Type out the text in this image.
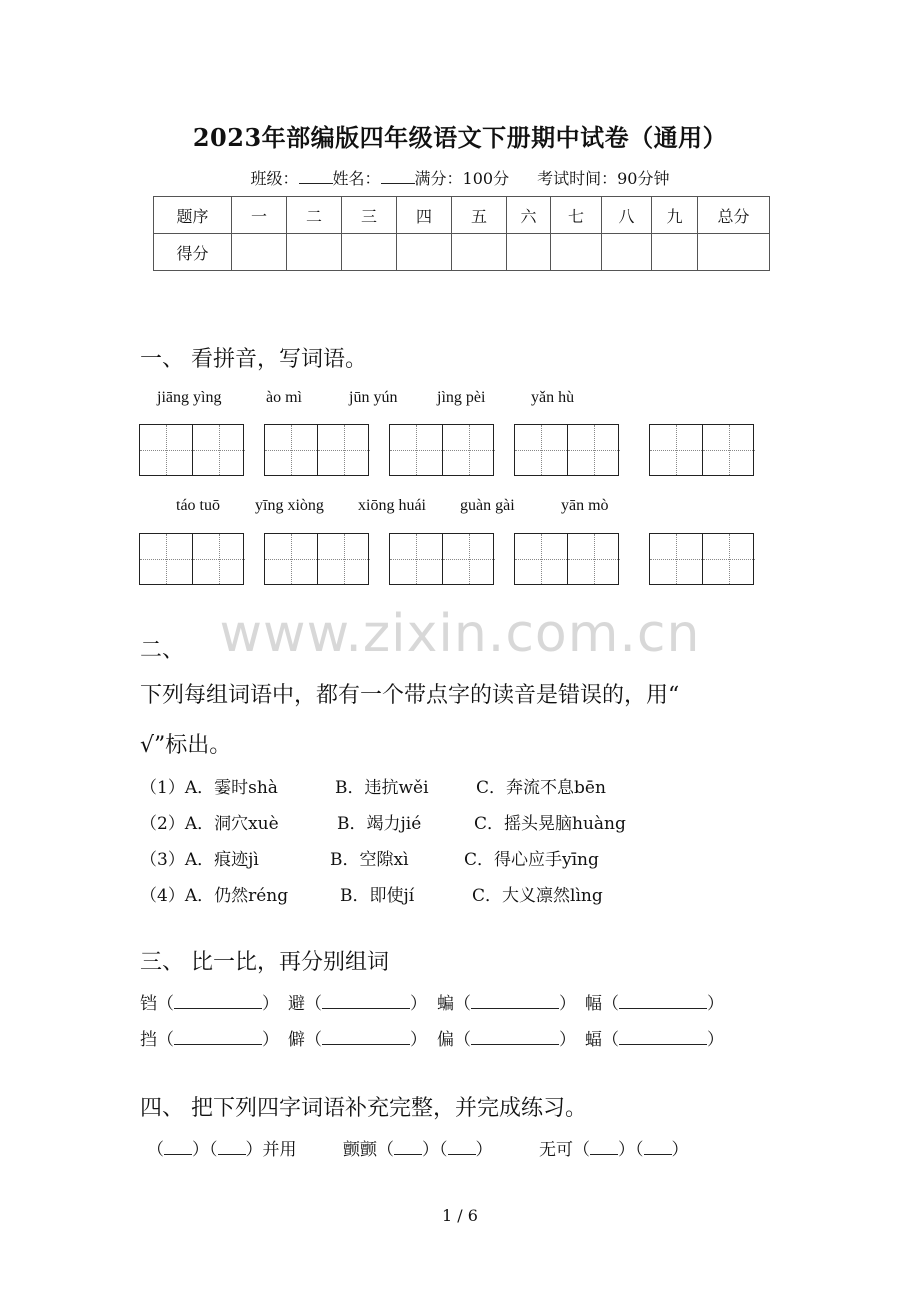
2023年部编版四年级语文下册期中试卷（通用）
班级： 姓名： 满分：100分 考试时间：90分钟
题序	一	二	三	四	五	六	七	八	九	总分
得分										
一、 看拼音，写词语。
jiāng yìng	ào mì	jūn yún jìng pèi	yǎn hù
táo tuō yīng xiòng xiōng huái guàn gài	yān mò
www.zixin.com.cn
二、
下列每组词语中，都有一个带点字的读音是错误的，用“
√”标出。
（1）A．霎时shà	B．违抗wěi	C．奔流不息bēn
（2）A．洞穴xuè	B．竭力jié	C．摇头晃脑huàng
（3）A．痕迹jì	B．空隙xì	C．得心应手yīng
（4）A．仍然réng	B．即使jí	C．大义凛然lìng
三、 比一比，再分别组词
铛（	） 避（	） 蝙（	） 幅（	）
挡（	） 僻（	） 偏（	） 蝠（	）
四、 把下列四字词语补充完整，并完成练习。
（ ）（ ）并用	颤颤（ ）（ ）	无可（ ）（ ）
1 / 6
